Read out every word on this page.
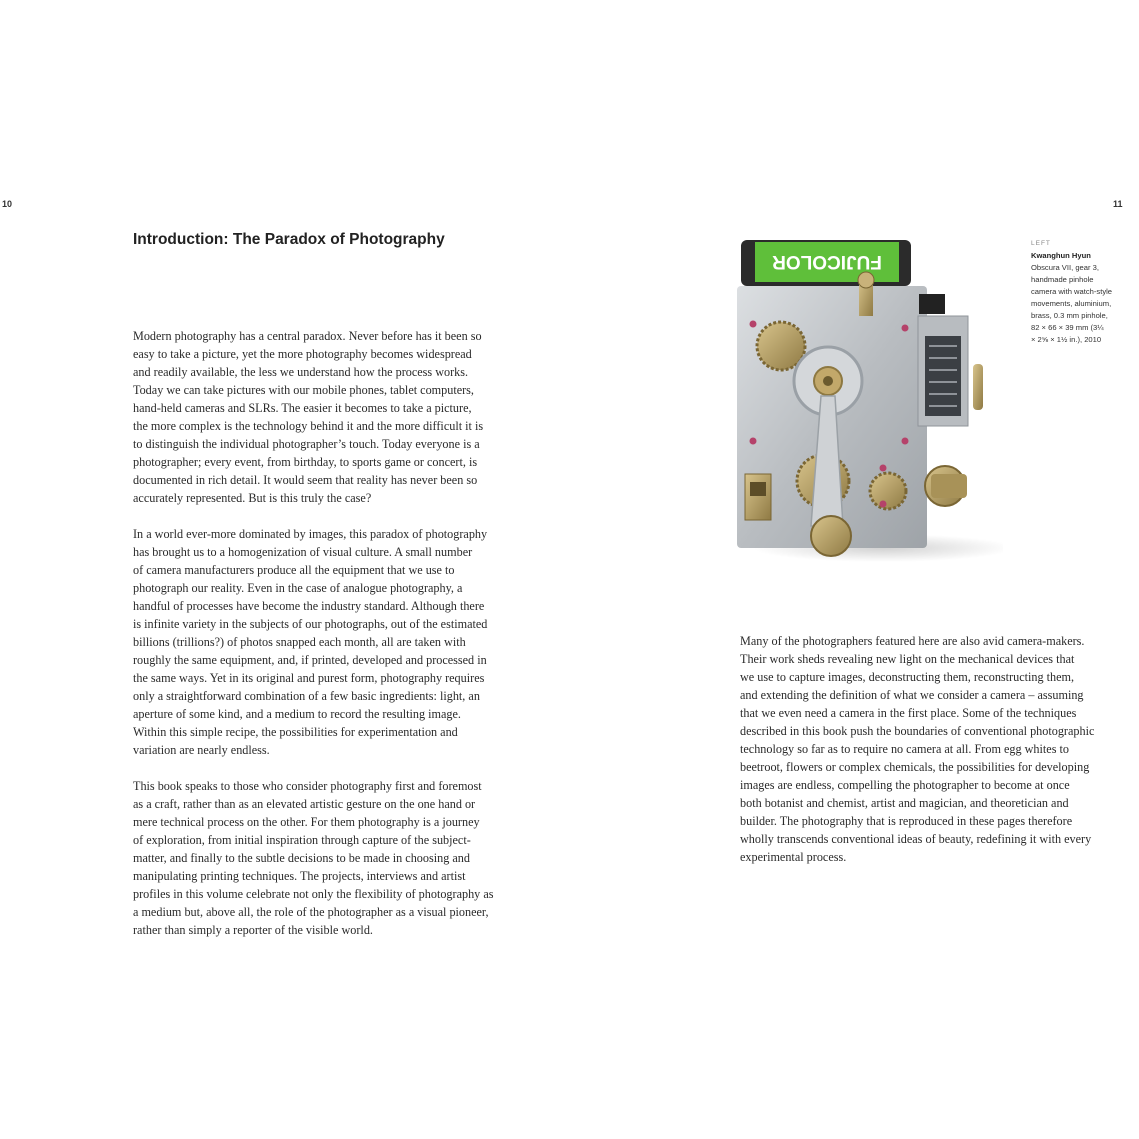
10	11
Introduction: The Paradox of Photography

Modern photography has a central paradox. Never before has it been so
easy to take a picture, yet the more photography becomes widespread
and readily available, the less we understand how the process works.
Today we can take pictures with our mobile phones, tablet computers,
hand-held cameras and SLRs. The easier it becomes to take a picture,
the more complex is the technology behind it and the more difficult it is
to distinguish the individual photographer’s touch. Today everyone is a
photographer; every event, from birthday, to sports game or concert, is
documented in rich detail. It would seem that reality has never been so
accurately represented. But is this truly the case?

In a world ever-more dominated by images, this paradox of photography
has brought us to a homogenization of visual culture. A small number
of camera manufacturers produce all the equipment that we use to
photograph our reality. Even in the case of analogue photography, a
handful of processes have become the industry standard. Although there
is infinite variety in the subjects of our photographs, out of the estimated
billions (trillions?) of photos snapped each month, all are taken with
roughly the same equipment, and, if printed, developed and processed in
the same ways. Yet in its original and purest form, photography requires
only a straightforward combination of a few basic ingredients: light, an
aperture of some kind, and a medium to record the resulting image.
Within this simple recipe, the possibilities for experimentation and
variation are nearly endless.

This book speaks to those who consider photography first and foremost
as a craft, rather than as an elevated artistic gesture on the one hand or
mere technical process on the other. For them photography is a journey
of exploration, from initial inspiration through capture of the subject-
matter, and finally to the subtle decisions to be made in choosing and
manipulating printing techniques. The projects, interviews and artist
profiles in this volume celebrate not only the flexibility of photography as
a medium but, above all, the role of the photographer as a visual pioneer,
rather than simply a reporter of the visible world.

Many of the photographers featured here are also avid camera-makers.
Their work sheds revealing new light on the mechanical devices that
we use to capture images, deconstructing them, reconstructing them,
and extending the definition of what we consider a camera – assuming
that we even need a camera in the first place. Some of the techniques
described in this book push the boundaries of conventional photographic
technology so far as to require no camera at all. From egg whites to
beetroot, flowers or complex chemicals, the possibilities for developing
images are endless, compelling the photographer to become at once
both botanist and chemist, artist and magician, and theoretician and
builder. The photography that is reproduced in these pages therefore
wholly transcends conventional ideas of beauty, redefining it with every
experimental process.

FUJICOLOR
LEFT
Kwanghun Hyun
Obscura VII, gear 3,
handmade pinhole
camera with watch-style
movements, aluminium,
brass, 0.3 mm pinhole,
82 × 66 × 39 mm (3¼
× 2⅝ × 1½ in.), 2010
